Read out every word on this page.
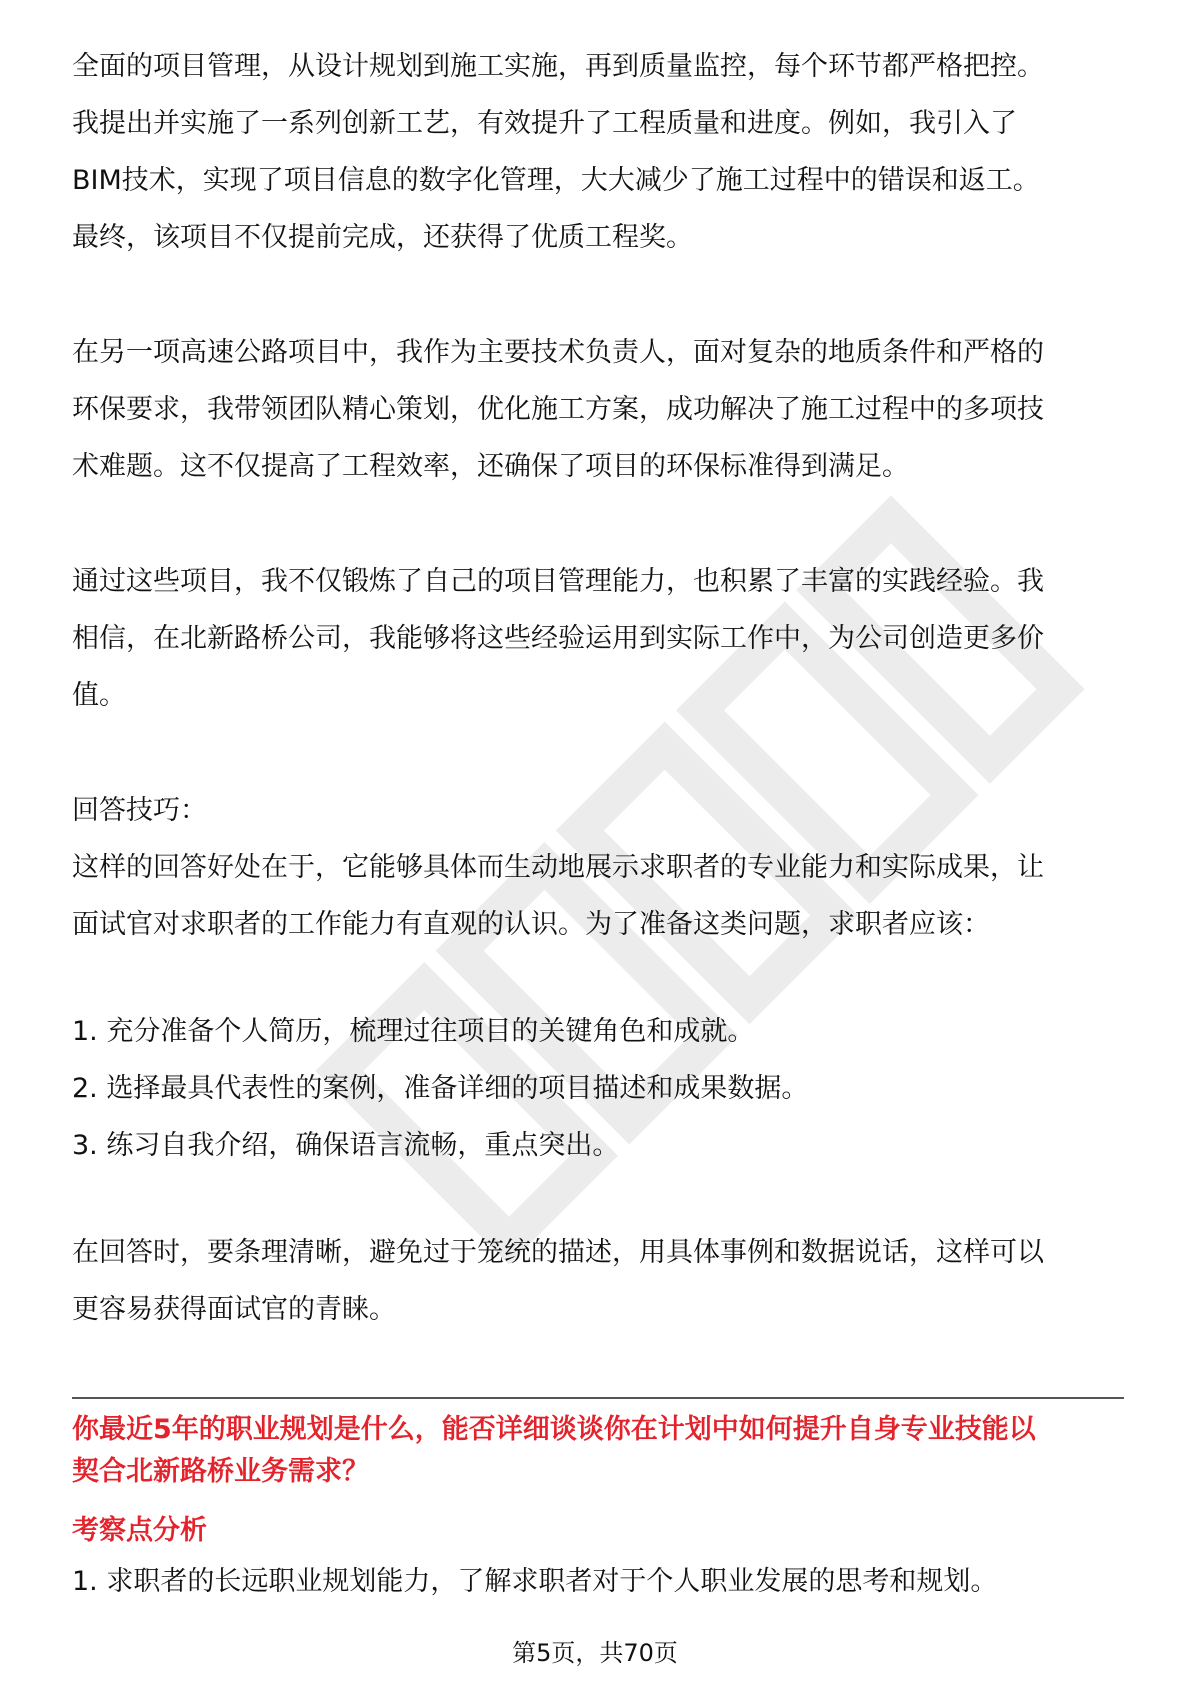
全面的项目管理，从设计规划到施工实施，再到质量监控，每个环节都严格把控。

我提出并实施了一系列创新工艺，有效提升了工程质量和进度。例如，我引入了

BIM技术，实现了项目信息的数字化管理，大大减少了施工过程中的错误和返工。

最终，该项目不仅提前完成，还获得了优质工程奖。

在另一项高速公路项目中，我作为主要技术负责人，面对复杂的地质条件和严格的

环保要求，我带领团队精心策划，优化施工方案，成功解决了施工过程中的多项技

术难题。这不仅提高了工程效率，还确保了项目的环保标准得到满足。

通过这些项目，我不仅锻炼了自己的项目管理能力，也积累了丰富的实践经验。我

相信，在北新路桥公司，我能够将这些经验运用到实际工作中，为公司创造更多价

值。

回答技巧：

这样的回答好处在于，它能够具体而生动地展示求职者的专业能力和实际成果，让

面试官对求职者的工作能力有直观的认识。为了准备这类问题，求职者应该：

1. 充分准备个人简历，梳理过往项目的关键角色和成就。

2. 选择最具代表性的案例，准备详细的项目描述和成果数据。

3. 练习自我介绍，确保语言流畅，重点突出。

在回答时，要条理清晰，避免过于笼统的描述，用具体事例和数据说话，这样可以

更容易获得面试官的青睐。

你最近5年的职业规划是什么，能否详细谈谈你在计划中如何提升自身专业技能以

契合北新路桥业务需求？

考察点分析
1. 求职者的长远职业规划能力，了解求职者对于个人职业发展的思考和规划。
第5页，共70页
